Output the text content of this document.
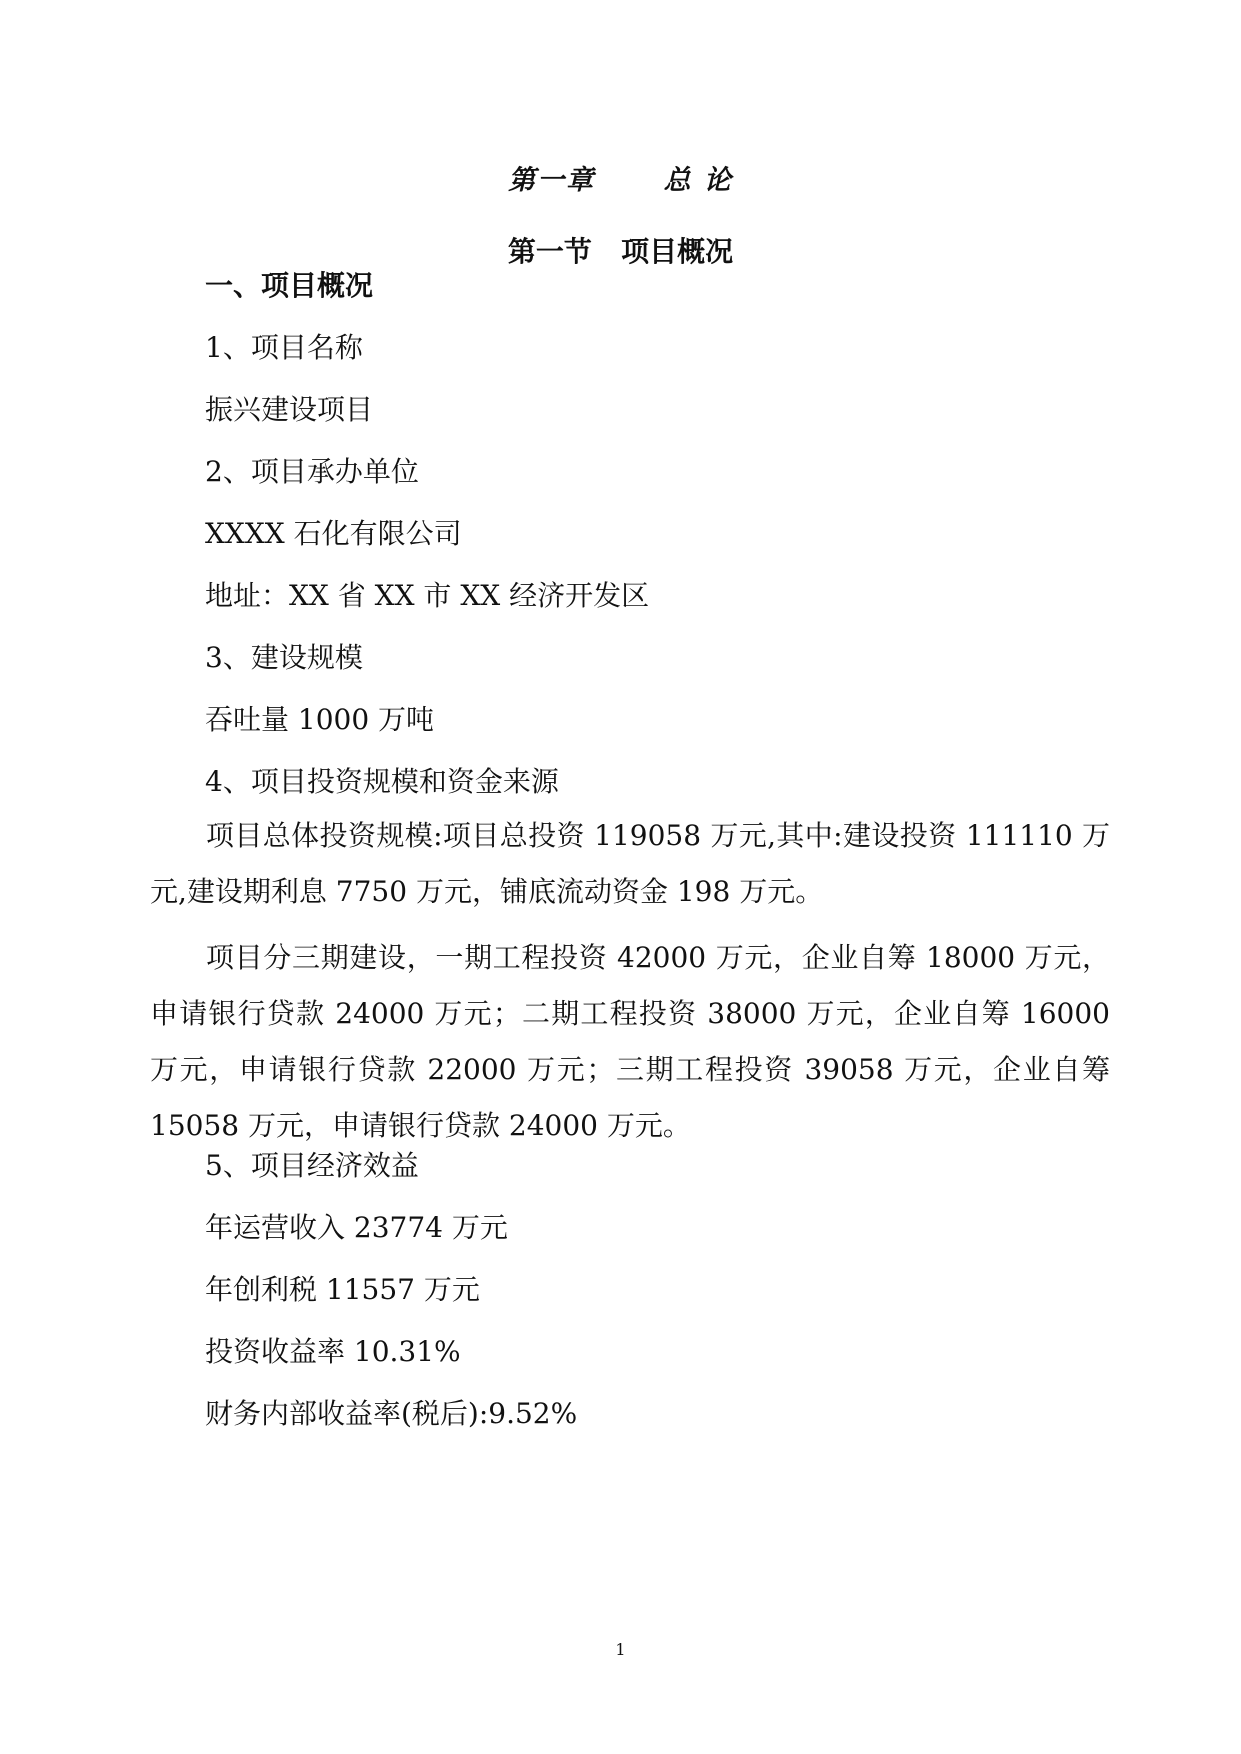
第一章	总 论
第一节 项目概况
一、项目概况
1、项目名称
振兴建设项目
2、项目承办单位
XXXX 石化有限公司
地址：XX 省 XX 市 XX 经济开发区
3、建设规模
吞吐量 1000 万吨
4、项目投资规模和资金来源

项目总体投资规模:项目总投资 119058 万元,其中:建设投资 111110 万元,建设期利息 7750 万元，铺底流动资金 198 万元。

项目分三期建设，一期工程投资 42000 万元，企业自筹 18000 万元，申请银行贷款 24000 万元；二期工程投资 38000 万元，企业自筹 16000 万元，申请银行贷款 22000 万元；三期工程投资 39058 万元，企业自筹 15058 万元，申请银行贷款 24000 万元。

5、项目经济效益
年运营收入 23774 万元
年创利税 11557 万元
投资收益率 10.31%
财务内部收益率(税后):9.52%
1
